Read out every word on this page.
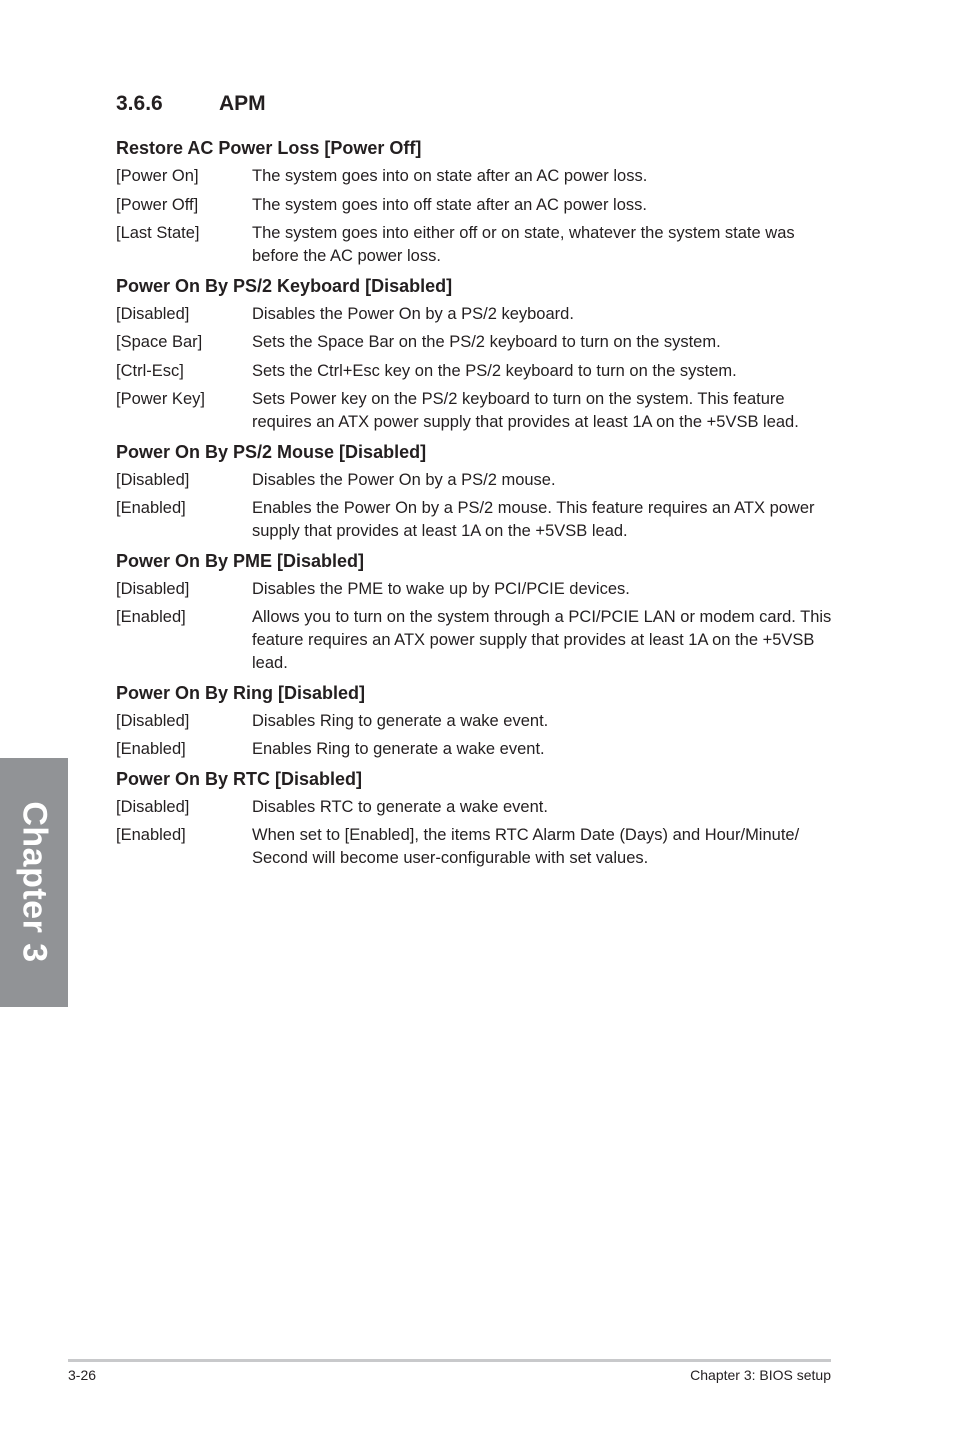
3.6.6	APM
Restore AC Power Loss [Power Off]
[Power On]	The system goes into on state after an AC power loss.
[Power Off]	The system goes into off state after an AC power loss.
[Last State]	The system goes into either off or on state, whatever the system state was before the AC power loss.
Power On By PS/2 Keyboard [Disabled]
[Disabled]	Disables the Power On by a PS/2 keyboard.
[Space Bar]	Sets the Space Bar on the PS/2 keyboard to turn on the system.
[Ctrl-Esc]	Sets the Ctrl+Esc key on the PS/2 keyboard to turn on the system.
[Power Key]	Sets Power key on the PS/2 keyboard to turn on the system. This feature requires an ATX power supply that provides at least 1A on the +5VSB lead.
Power On By PS/2 Mouse [Disabled]
[Disabled]	Disables the Power On by a PS/2 mouse.
[Enabled]	Enables the Power On by a PS/2 mouse. This feature requires an ATX power supply that provides at least 1A on the +5VSB lead.
Power On By PME [Disabled]
[Disabled]	Disables the PME to wake up by PCI/PCIE devices.
[Enabled]	Allows you to turn on the system through a PCI/PCIE LAN or modem card. This feature requires an ATX power supply that provides at least 1A on the +5VSB lead.
Power On By Ring [Disabled]
[Disabled]	Disables Ring to generate a wake event.
[Enabled]	Enables Ring to generate a wake event.
Power On By RTC [Disabled]
[Disabled]	Disables RTC to generate a wake event.
[Enabled]	When set to [Enabled], the items RTC Alarm Date (Days) and Hour/Minute/ Second will become user-configurable with set values.
Chapter 3
3-26	Chapter 3: BIOS setup
